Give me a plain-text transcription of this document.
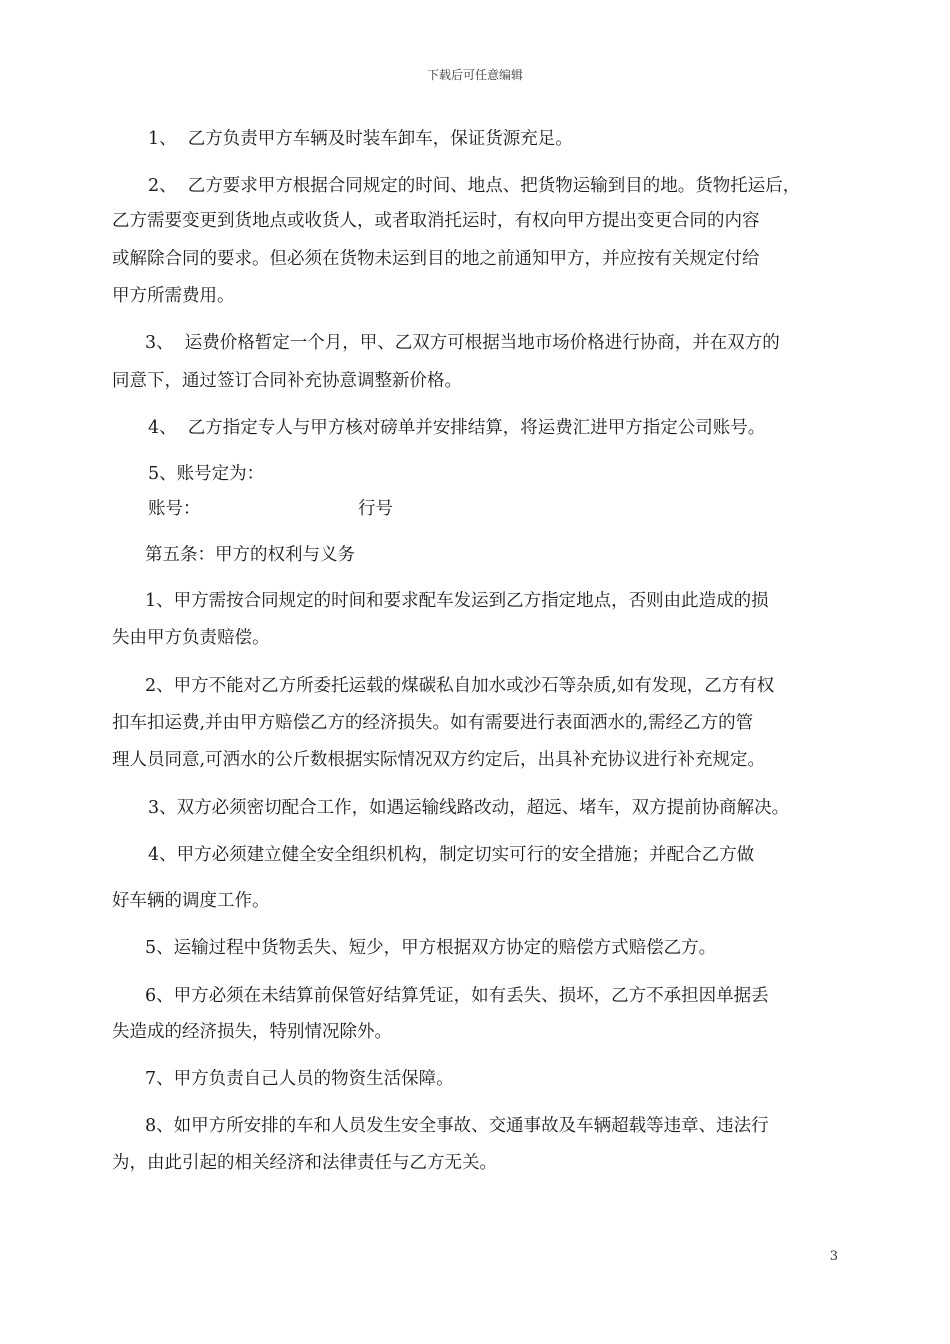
下载后可任意编辑
1、  乙方负责甲方车辆及时装车卸车，保证货源充足。
2、  乙方要求甲方根据合同规定的时间、地点、把货物运输到目的地。货物托运后，
乙方需要变更到货地点或收货人，或者取消托运时，有权向甲方提出变更合同的内容
或解除合同的要求。但必须在货物未运到目的地之前通知甲方，并应按有关规定付给
甲方所需费用。
3、  运费价格暂定一个月，甲、乙双方可根据当地市场价格进行协商，并在双方的
同意下，通过签订合同补充协意调整新价格。
4、  乙方指定专人与甲方核对磅单并安排结算，将运费汇进甲方指定公司账号。
5、账号定为：
账号：	行号
第五条：甲方的权利与义务
1、甲方需按合同规定的时间和要求配车发运到乙方指定地点，否则由此造成的损
失由甲方负责赔偿。
2、甲方不能对乙方所委托运载的煤碳私自加水或沙石等杂质,如有发现，乙方有权
扣车扣运费,并由甲方赔偿乙方的经济损失。如有需要进行表面洒水的,需经乙方的管
理人员同意,可洒水的公斤数根据实际情况双方约定后，出具补充协议进行补充规定。
3、双方必须密切配合工作，如遇运输线路改动，超远、堵车，双方提前协商解决。
4、甲方必须建立健全安全组织机构，制定切实可行的安全措施；并配合乙方做
好车辆的调度工作。
5、运输过程中货物丢失、短少，甲方根据双方协定的赔偿方式赔偿乙方。
6、甲方必须在未结算前保管好结算凭证，如有丢失、损坏，乙方不承担因单据丢
失造成的经济损失，特别情况除外。
7、甲方负责自己人员的物资生活保障。
8、如甲方所安排的车和人员发生安全事故、交通事故及车辆超载等违章、违法行
为，由此引起的相关经济和法律责任与乙方无关。
3
